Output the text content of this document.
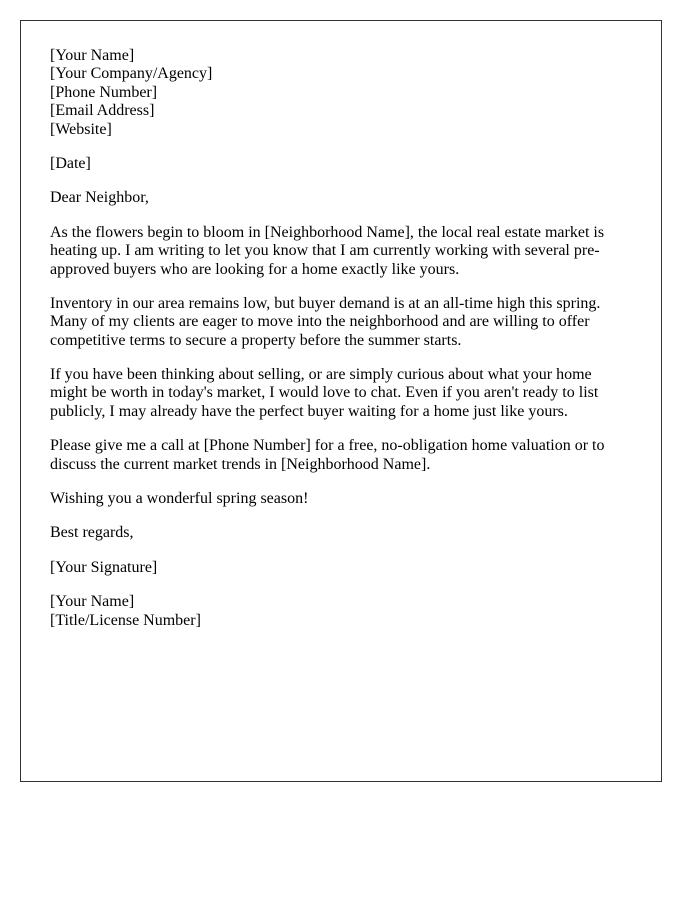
[Your Name]
[Your Company/Agency]
[Phone Number]
[Email Address]
[Website]

[Date]

Dear Neighbor,

As the flowers begin to bloom in [Neighborhood Name], the local real estate market is heating up. I am writing to let you know that I am currently working with several pre-approved buyers who are looking for a home exactly like yours.

Inventory in our area remains low, but buyer demand is at an all-time high this spring. Many of my clients are eager to move into the neighborhood and are willing to offer competitive terms to secure a property before the summer starts.

If you have been thinking about selling, or are simply curious about what your home might be worth in today's market, I would love to chat. Even if you aren't ready to list publicly, I may already have the perfect buyer waiting for a home just like yours.

Please give me a call at [Phone Number] for a free, no-obligation home valuation or to discuss the current market trends in [Neighborhood Name].

Wishing you a wonderful spring season!

Best regards,

[Your Signature]

[Your Name]
[Title/License Number]
